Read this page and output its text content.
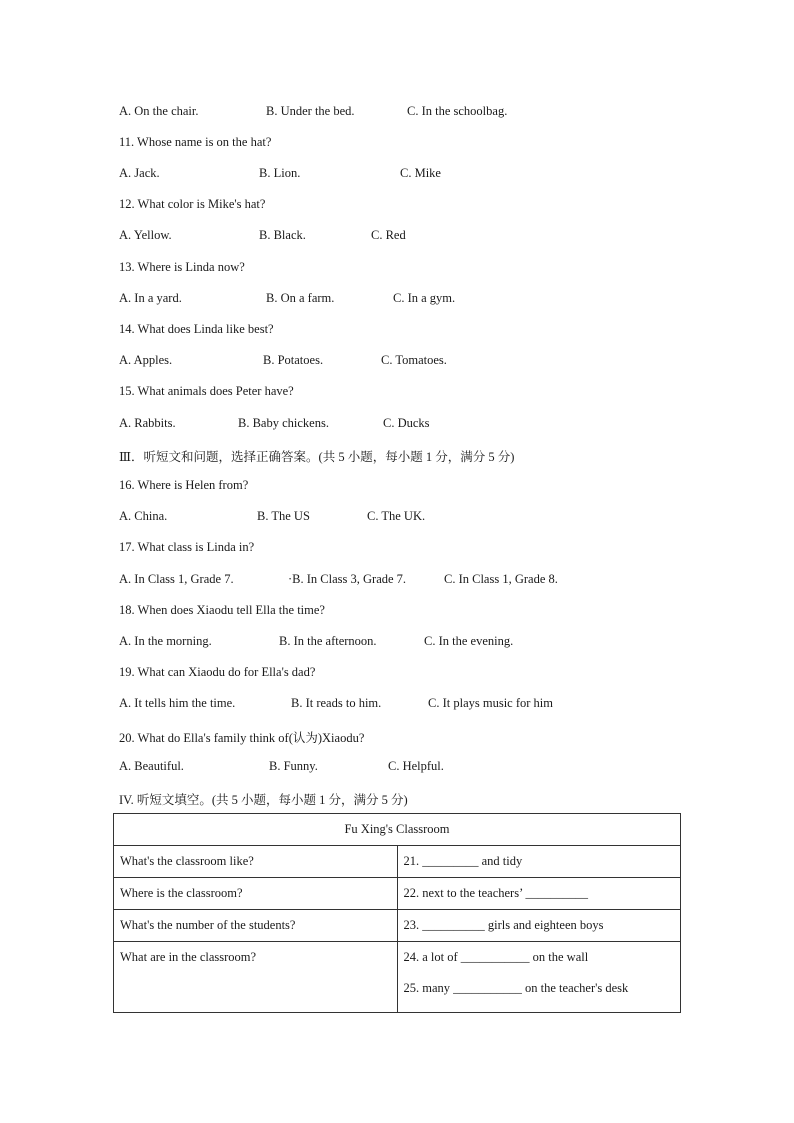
A. On the chair.	B. Under the bed.	C. In the schoolbag.
11. Whose name is on the hat?
A. Jack.	B. Lion.	C. Mike
12. What color is Mike's hat?
A. Yellow.	B. Black.	C. Red
13. Where is Linda now?
A. In a yard.	B. On a farm.	C. In a gym.
14. What does Linda like best?
A. Apples.	B. Potatoes.	C. Tomatoes.
15. What animals does Peter have?
A. Rabbits.	B. Baby chickens.	C. Ducks
Ⅲ．听短文和问题，选择正确答案。(共 5 小题，每小题 1 分，满分 5 分)
16. Where is Helen from?
A. China.	B. The US	C. The UK.
17. What class is Linda in?
A. In Class 1, Grade 7.	·B. In Class 3, Grade 7.	C. In Class 1, Grade 8.
18. When does Xiaodu tell Ella the time?
A. In the morning.	B. In the afternoon.	C. In the evening.
19. What can Xiaodu do for Ella's dad?
A. It tells him the time.	B. It reads to him.	C. It plays music for him
20. What do Ella's family think of(认为)Xiaodu?
A. Beautiful.	B. Funny.	C. Helpful.
IV. 听短文填空。(共 5 小题，每小题 1 分，满分 5 分)
Fu Xing's Classroom	
What's the classroom like?	21. _________ and tidy
Where is the classroom?	22. next to the teachers’ __________
What's the number of the students?	23. __________ girls and eighteen boys
What are in the classroom?	24. a lot of ___________ on the wall
25. many ___________ on the teacher's desk
